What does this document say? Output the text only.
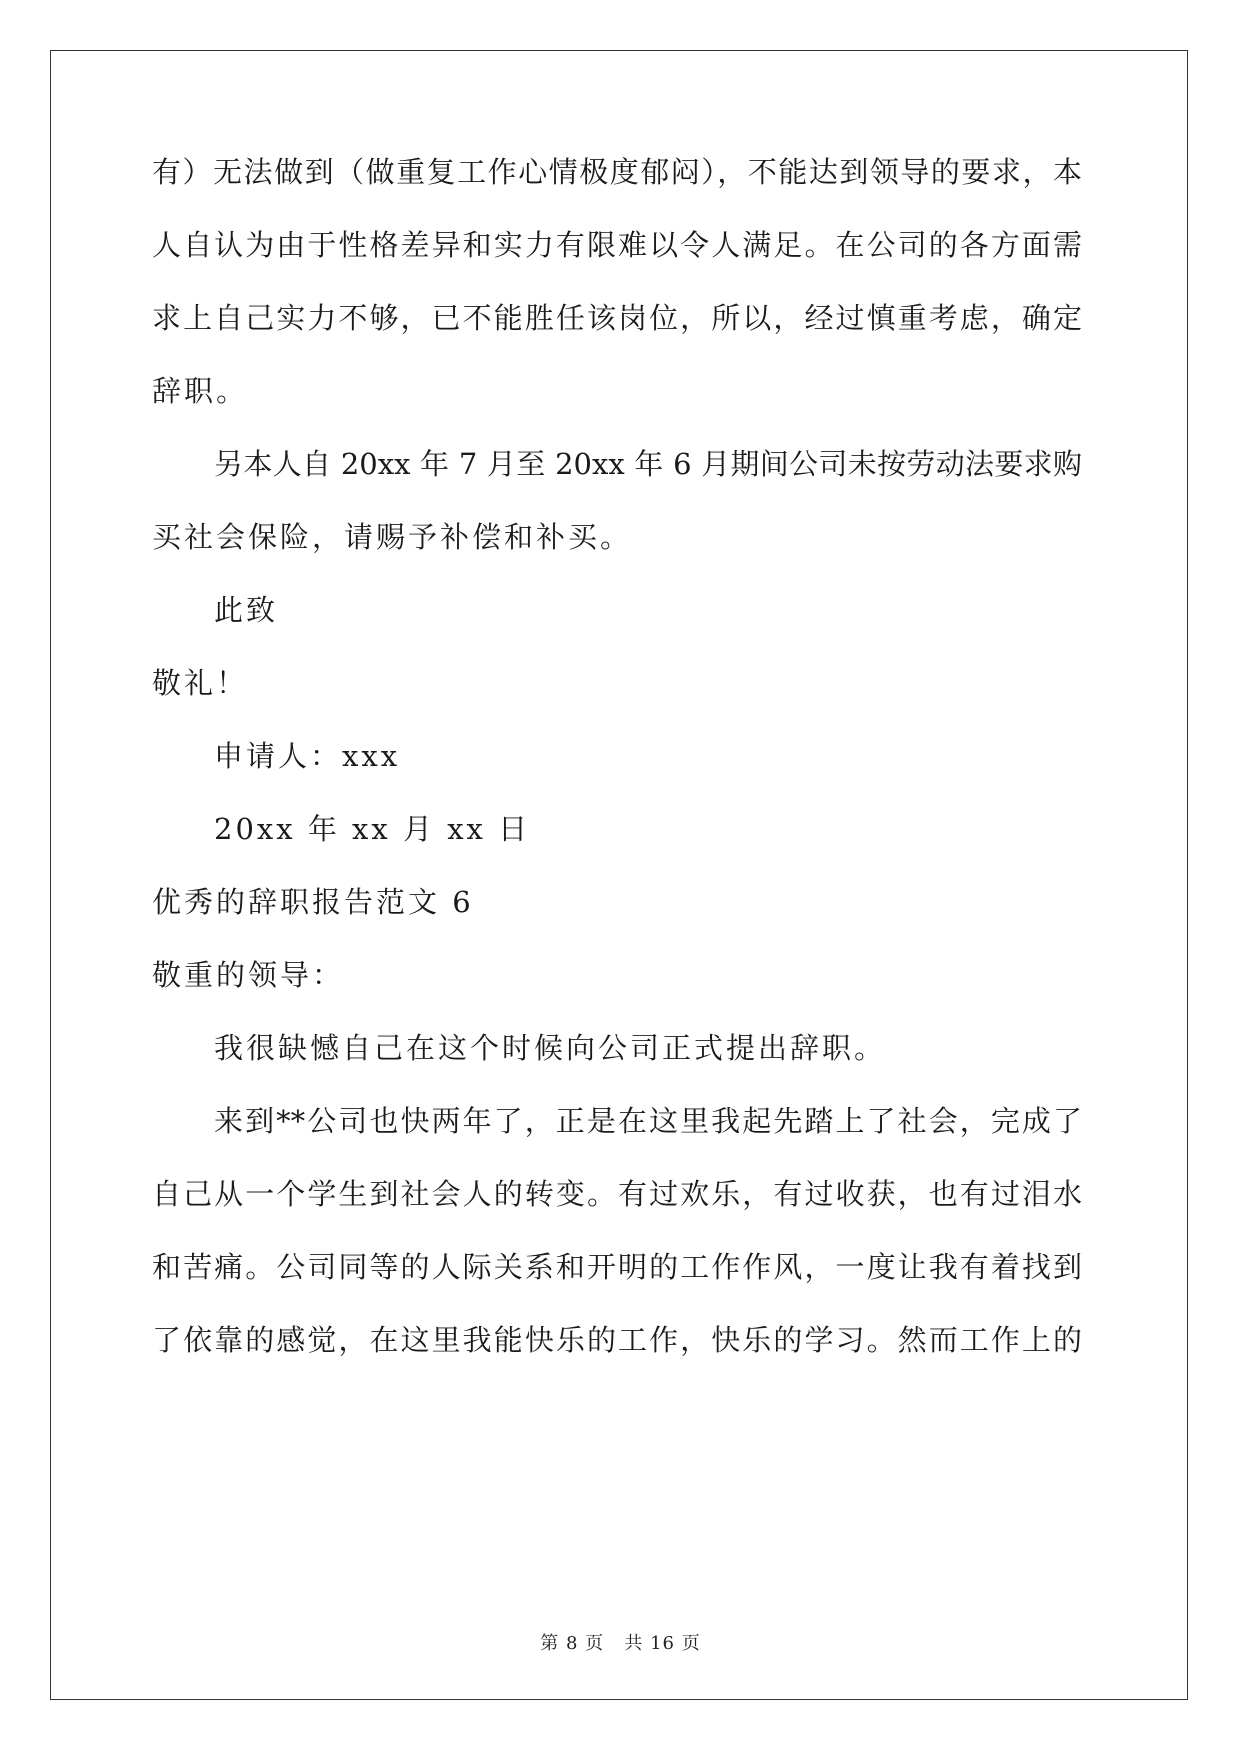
有）无法做到（做重复工作心情极度郁闷），不能达到领导的要求，本
人自认为由于性格差异和实力有限难以令人满足。在公司的各方面需
求上自己实力不够，已不能胜任该岗位，所以，经过慎重考虑，确定
辞职。
另本人自 20xx 年 7 月至 20xx 年 6 月期间公司未按劳动法要求购
买社会保险，请赐予补偿和补买。
此致
敬礼！
申请人：xxx
20xx 年 xx 月 xx 日
优秀的辞职报告范文 6
敬重的领导：
我很缺憾自己在这个时候向公司正式提出辞职。
来到**公司也快两年了，正是在这里我起先踏上了社会，完成了
自己从一个学生到社会人的转变。有过欢乐，有过收获，也有过泪水
和苦痛。公司同等的人际关系和开明的工作作风，一度让我有着找到
了依靠的感觉，在这里我能快乐的工作，快乐的学习。然而工作上的
第 8 页 共 16 页
